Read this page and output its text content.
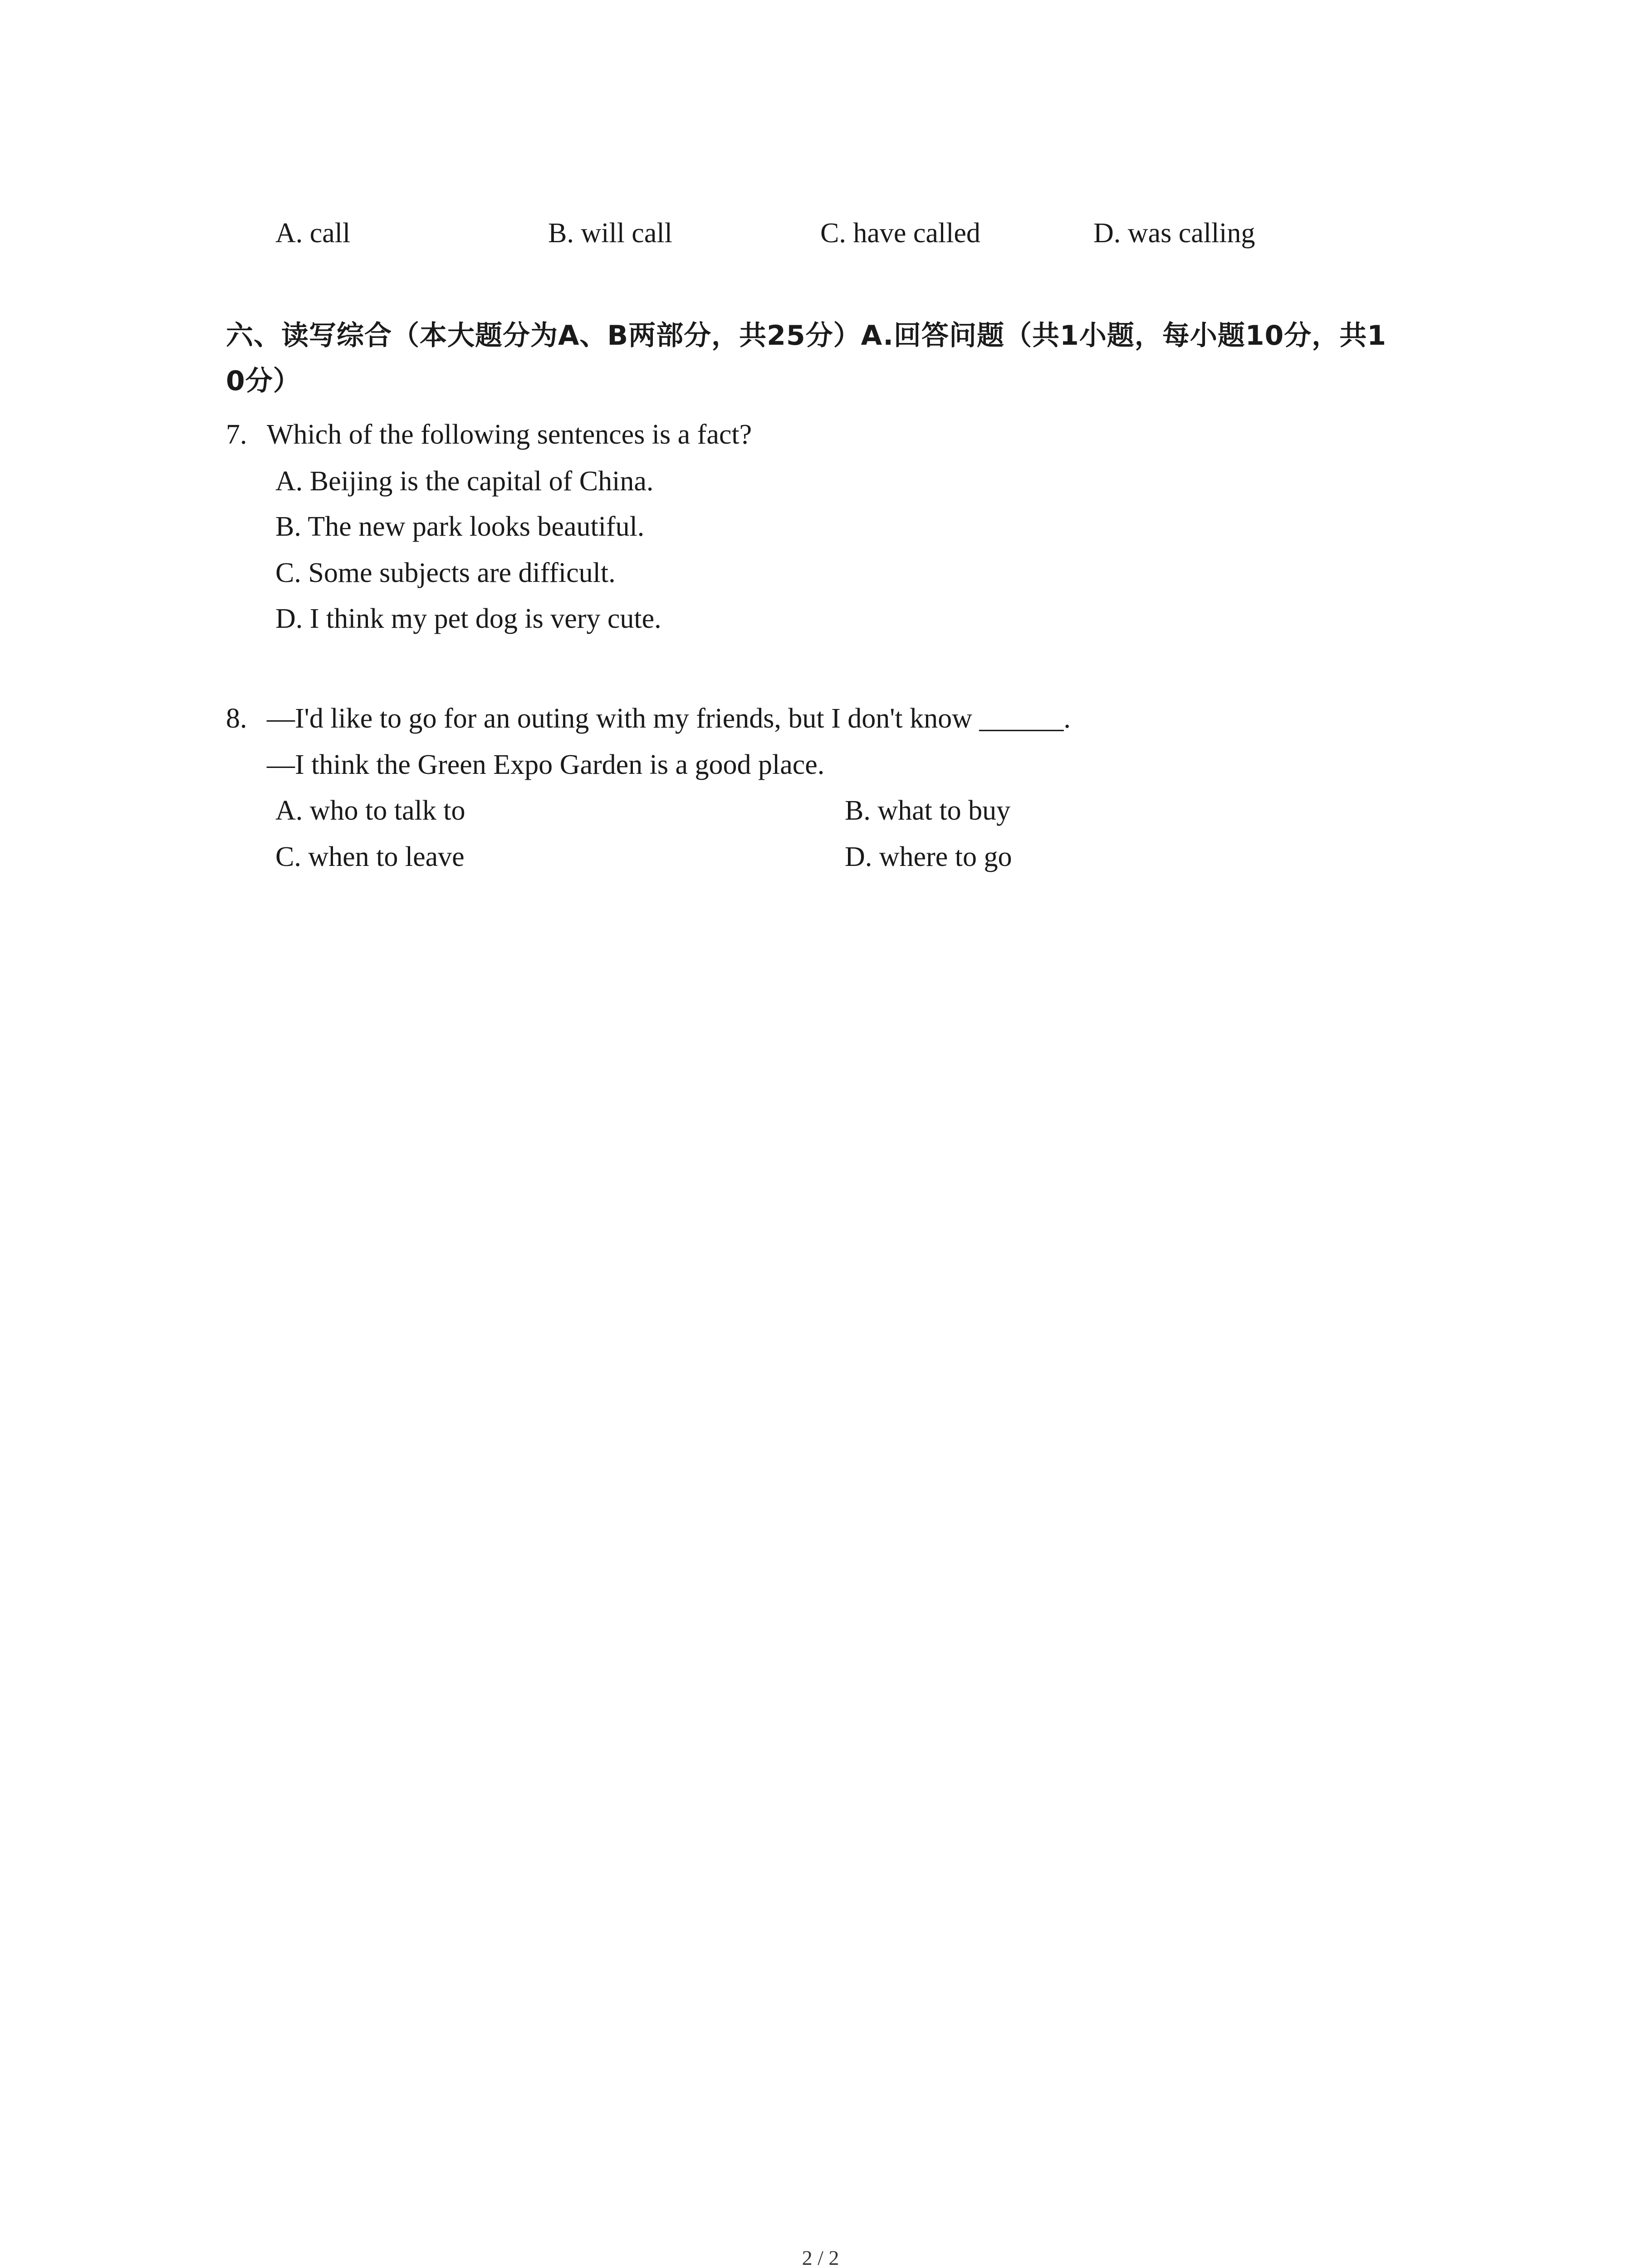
A. call	B. will call	C. have called	D. was calling
六、读写综合（本大题分为A、B两部分，共25分）A.回答问题（共1小题，每小题10分，共1
0分）
7. Which of the following sentences is a fact?
A. Beijing is the capital of China.
B. The new park looks beautiful.
C. Some subjects are difficult.
D. I think my pet dog is very cute.
8. —I'd like to go for an outing with my friends, but I don't know ______.
—I think the Green Expo Garden is a good place.
A. who to talk to	B. what to buy
C. when to leave	D. where to go
2 / 2
